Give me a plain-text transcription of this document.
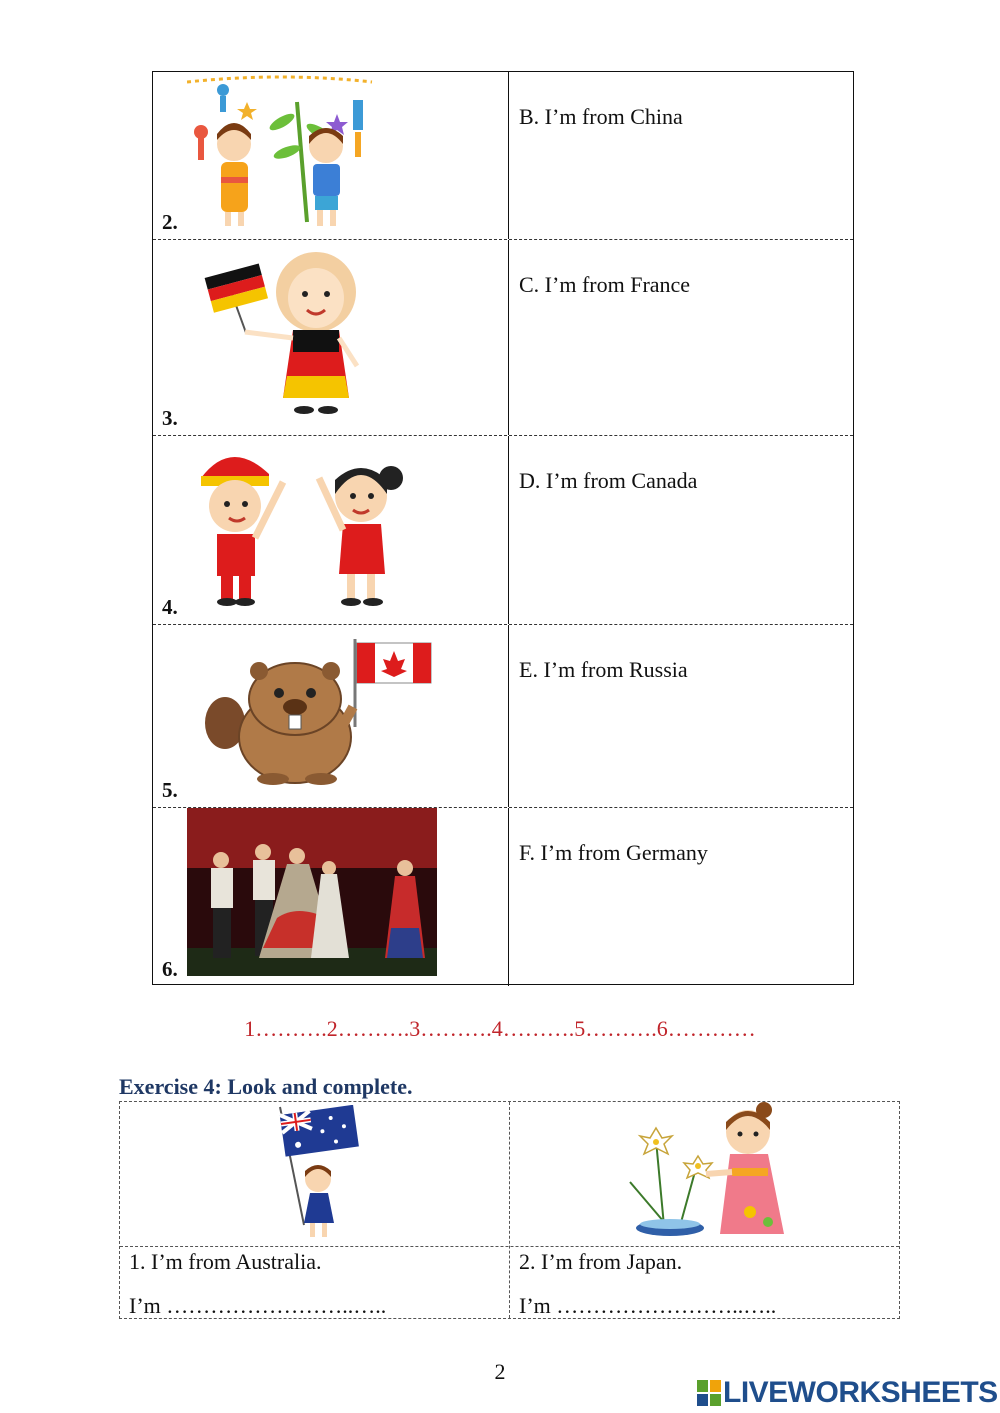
2.
B. I’m from China
3.
C. I’m from France
4.
D. I’m from Canada
5.
E. I’m from Russia
6.
F. I’m from Germany
1……….2……….3……….4……….5……….6…………
Exercise 4: Look and complete.
1. I’m from Australia.
I’m ……………………..…..
2. I’m from Japan.
I’m ……………………..…..
2
LIVEWORKSHEETS
